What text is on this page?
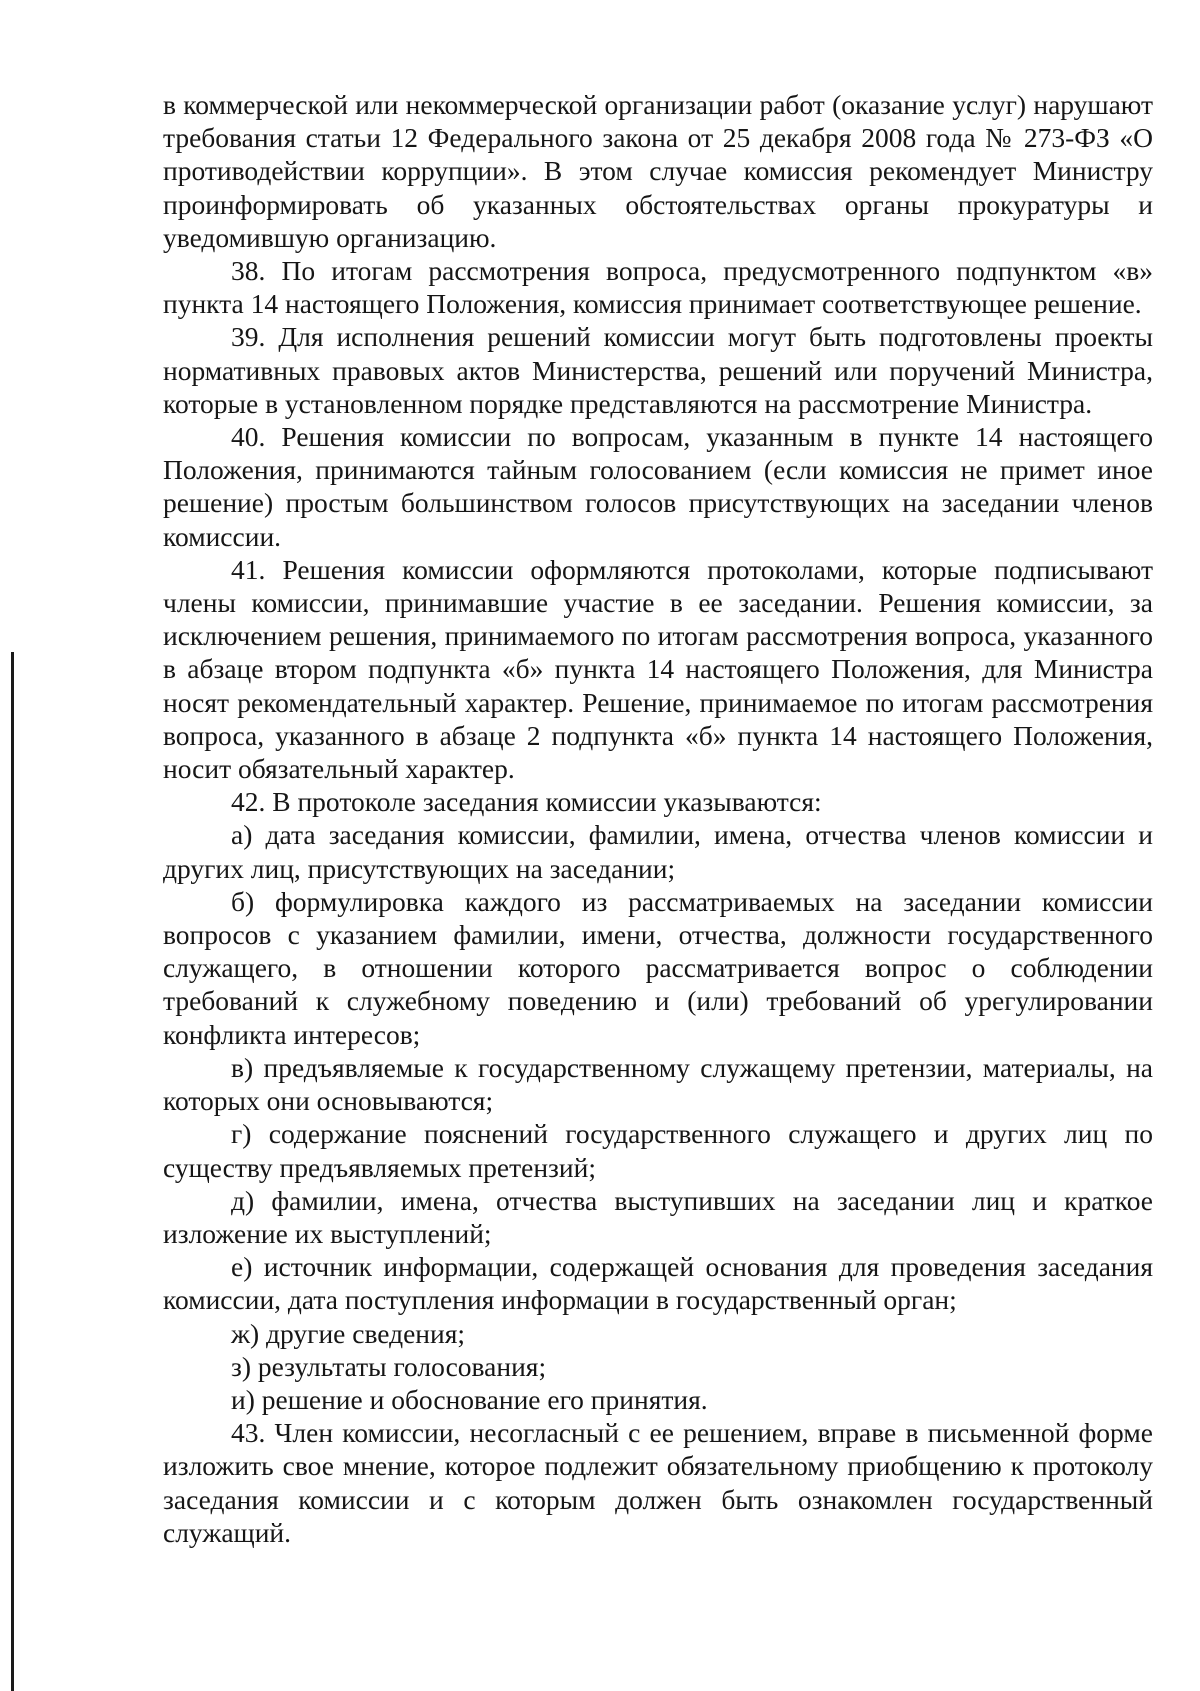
в коммерческой или некоммерческой организации работ (оказание услуг) нарушают требования статьи 12 Федерального закона от 25 декабря 2008 года № 273-ФЗ «О противодействии коррупции». В этом случае комиссия рекомендует Министру проинформировать об указанных обстоятельствах органы прокуратуры и уведомившую организацию.

38. По итогам рассмотрения вопроса, предусмотренного подпунктом «в» пункта 14 настоящего Положения, комиссия принимает соответствующее решение.

39. Для исполнения решений комиссии могут быть подготовлены проекты нормативных правовых актов Министерства, решений или поручений Министра, которые в установленном порядке представляются на рассмотрение Министра.

40. Решения комиссии по вопросам, указанным в пункте 14 настоящего Положения, принимаются тайным голосованием (если комиссия не примет иное решение) простым большинством голосов присутствующих на заседании членов комиссии.

41. Решения комиссии оформляются протоколами, которые подписывают члены комиссии, принимавшие участие в ее заседании. Решения комиссии, за исключением решения, принимаемого по итогам рассмотрения вопроса, указанного в абзаце втором подпункта «б» пункта 14 настоящего Положения, для Министра носят рекомендательный характер. Решение, принимаемое по итогам рассмотрения вопроса, указанного в абзаце 2 подпункта «б» пункта 14 настоящего Положения, носит обязательный характер.

42. В протоколе заседания комиссии указываются:

а) дата заседания комиссии, фамилии, имена, отчества членов комиссии и других лиц, присутствующих на заседании;

б) формулировка каждого из рассматриваемых на заседании комиссии вопросов с указанием фамилии, имени, отчества, должности государственного служащего, в отношении которого рассматривается вопрос о соблюдении требований к служебному поведению и (или) требований об урегулировании конфликта интересов;

в) предъявляемые к государственному служащему претензии, материалы, на которых они основываются;

г) содержание пояснений государственного служащего и других лиц по существу предъявляемых претензий;

д) фамилии, имена, отчества выступивших на заседании лиц и краткое изложение их выступлений;

е) источник информации, содержащей основания для проведения заседания комиссии, дата поступления информации в государственный орган;

ж) другие сведения;

з) результаты голосования;

и) решение и обоснование его принятия.

43. Член комиссии, несогласный с ее решением, вправе в письменной форме изложить свое мнение, которое подлежит обязательному приобщению к протоколу заседания комиссии и с которым должен быть ознакомлен государственный служащий.
